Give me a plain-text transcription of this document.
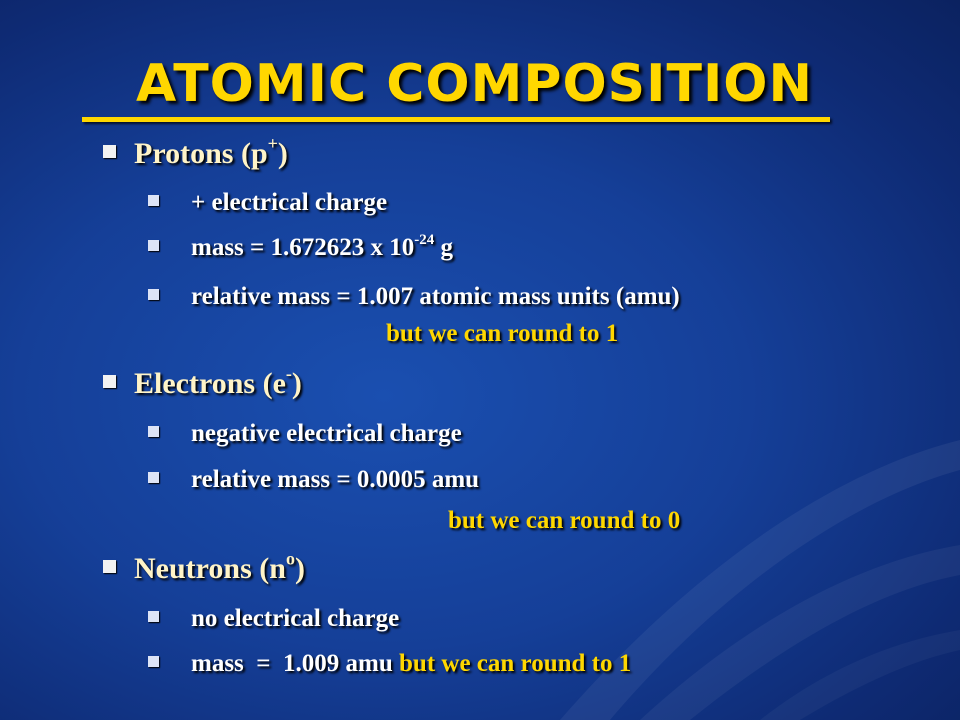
ATOMIC COMPOSITION
Protons (p+)
+ electrical charge
mass = 1.672623 x $10^{-24}$ g
relative mass = 1.007 atomic mass units (amu)
but we can round to 1
Electrons (e-)
negative electrical charge
relative mass = 0.0005 amu
but we can round to 0
Neutrons $(n^o)$
no electrical charge
mass  =  1.009 amu but we can round to 1
